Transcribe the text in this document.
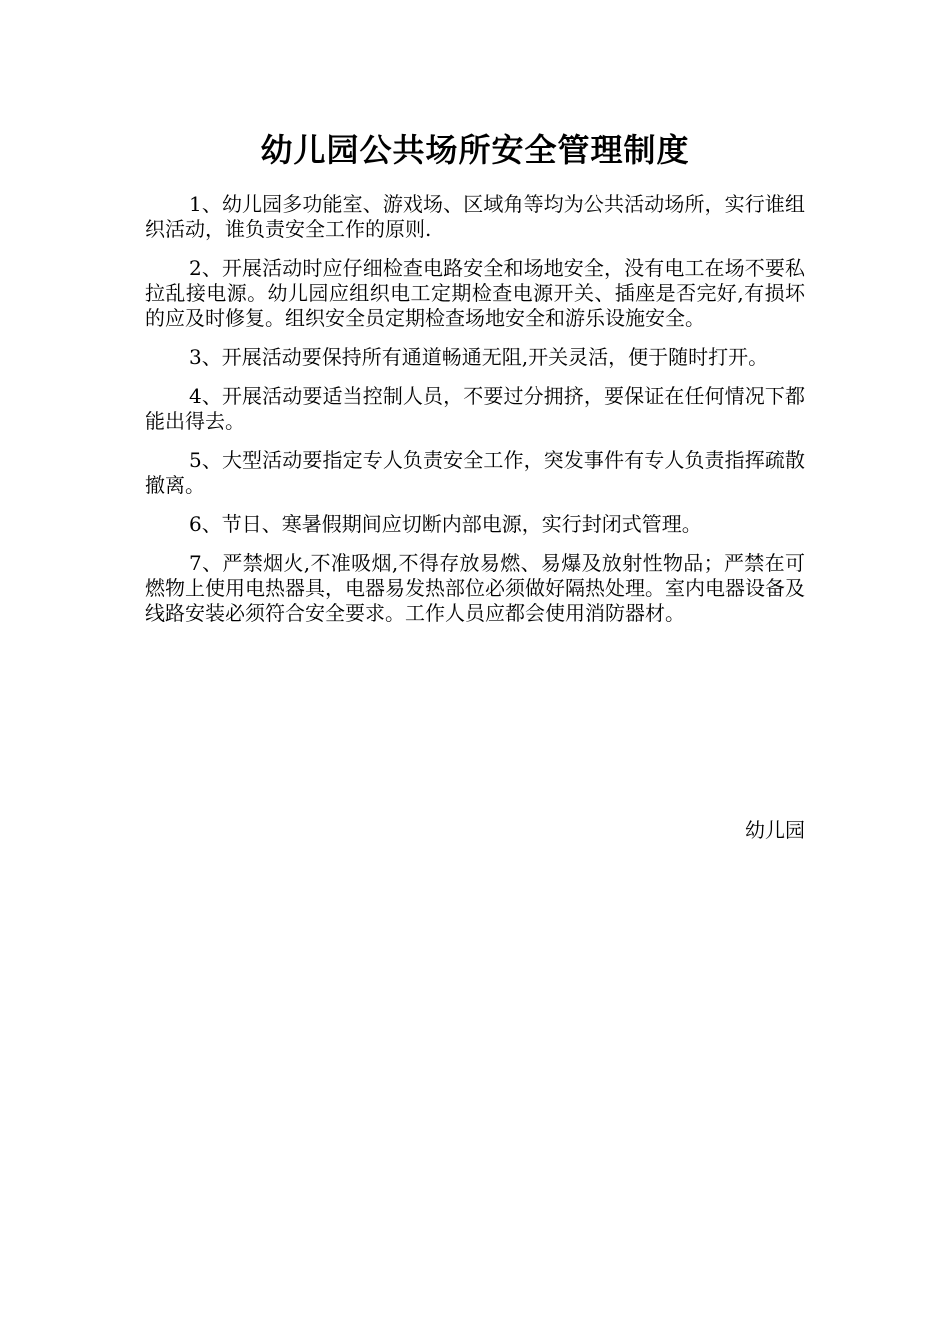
幼儿园公共场所安全管理制度

1、幼儿园多功能室、游戏场、区域角等均为公共活动场所，实行谁组织活动，谁负责安全工作的原则.

2、开展活动时应仔细检查电路安全和场地安全，没有电工在场不要私拉乱接电源。幼儿园应组织电工定期检查电源开关、插座是否完好,有损坏的应及时修复。组织安全员定期检查场地安全和游乐设施安全。

3、开展活动要保持所有通道畅通无阻,开关灵活，便于随时打开。

4、开展活动要适当控制人员，不要过分拥挤，要保证在任何情况下都能出得去。

5、大型活动要指定专人负责安全工作，突发事件有专人负责指挥疏散撤离。

6、节日、寒暑假期间应切断内部电源，实行封闭式管理。

7、严禁烟火,不准吸烟,不得存放易燃、易爆及放射性物品；严禁在可燃物上使用电热器具，电器易发热部位必须做好隔热处理。室内电器设备及线路安装必须符合安全要求。工作人员应都会使用消防器材。

幼儿园
